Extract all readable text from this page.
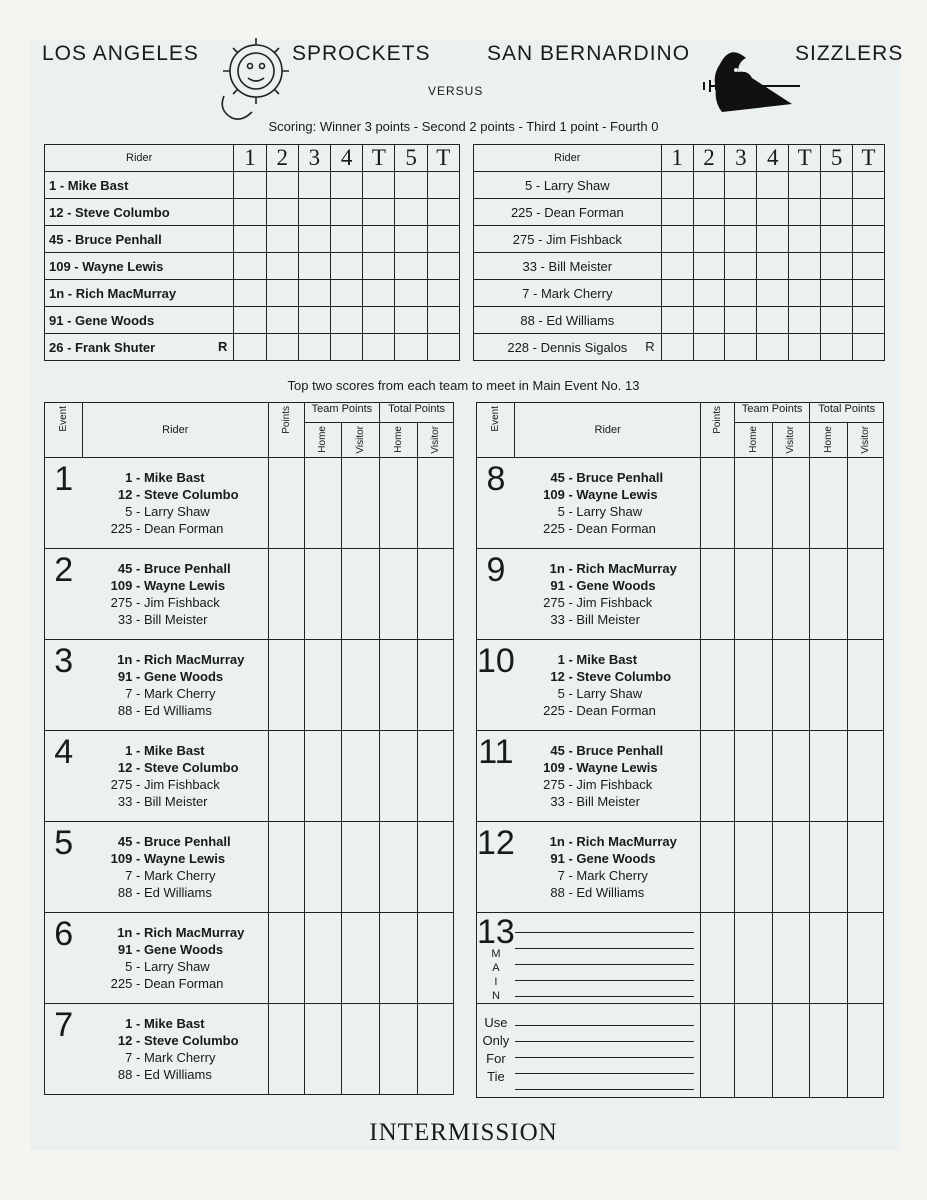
LOS ANGELES	SPROCKETS	SAN BERNARDINO	SIZZLERS
VERSUS
Scoring: Winner 3 points - Second 2 points - Third 1 point - Fourth 0
Rider	1	2	3	4	T	5	T
1 - Mike Bast							
12 - Steve Columbo							
45 - Bruce Penhall							
109 - Wayne Lewis							
1n - Rich MacMurray							
91 - Gene Woods							
26 - Frank Shuter R							

Rider	1	2	3	4	T	5	T
5 - Larry Shaw							
225 - Dean Forman							
275 - Jim Fishback							
33 - Bill Meister							
7 - Mark Cherry							
88 - Ed Williams							
228 - Dennis Sigalos R							

Top two scores from each team to meet in Main Event No. 13
Event	Rider	Points	Team Points		Total Points	
			Home	Visitor	Home	Visitor
1	1 - Mike Bast
12 - Steve Columbo
5 - Larry Shaw
225 - Dean Forman					

2	45 - Bruce Penhall
109 - Wayne Lewis
275 - Jim Fishback
33 - Bill Meister					

3	1n - Rich MacMurray
91 - Gene Woods
7 - Mark Cherry
88 - Ed Williams					

4	1 - Mike Bast
12 - Steve Columbo
275 - Jim Fishback
33 - Bill Meister					

5	45 - Bruce Penhall
109 - Wayne Lewis
7 - Mark Cherry
88 - Ed Williams					

6	1n - Rich MacMurray
91 - Gene Woods
5 - Larry Shaw
225 - Dean Forman					

7	1 - Mike Bast
12 - Steve Columbo
7 - Mark Cherry
88 - Ed Williams					

Event	Rider	Points	Team Points		Total Points	
			Home	Visitor	Home	Visitor
8	45 - Bruce Penhall
109 - Wayne Lewis
5 - Larry Shaw
225 - Dean Forman					

9	1n - Rich MacMurray
91 - Gene Woods
275 - Jim Fishback
33 - Bill Meister					

10	1 - Mike Bast
12 - Steve Columbo
5 - Larry Shaw
225 - Dean Forman					

11	45 - Bruce Penhall
109 - Wayne Lewis
275 - Jim Fishback
33 - Bill Meister					

12	1n - Rich MacMurray
91 - Gene Woods
7 - Mark Cherry
88 - Ed Williams					

13
M
A
I
N						

Use
Only
For
Tie						

INTERMISSION
